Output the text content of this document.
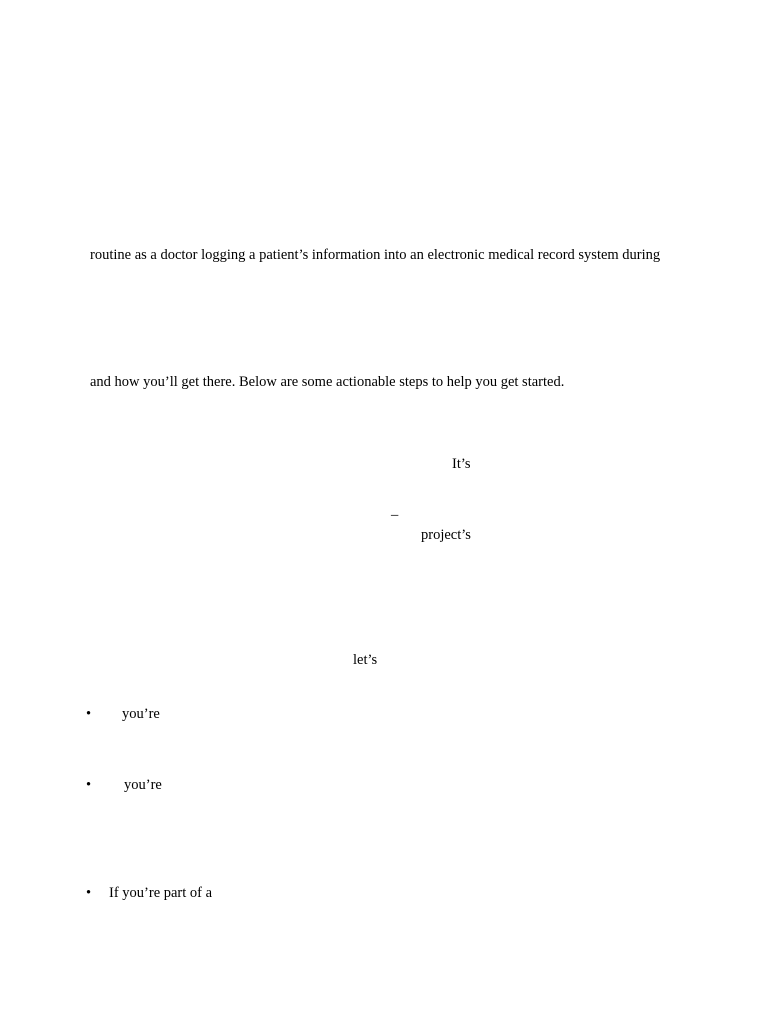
routine as a doctor logging a patient’s information into an electronic medical record system during
and how you’ll get there. Below are some actionable steps to help you get started.
It’s
–
project’s
let’s
• you’re
• you’re
• If you’re part of a
